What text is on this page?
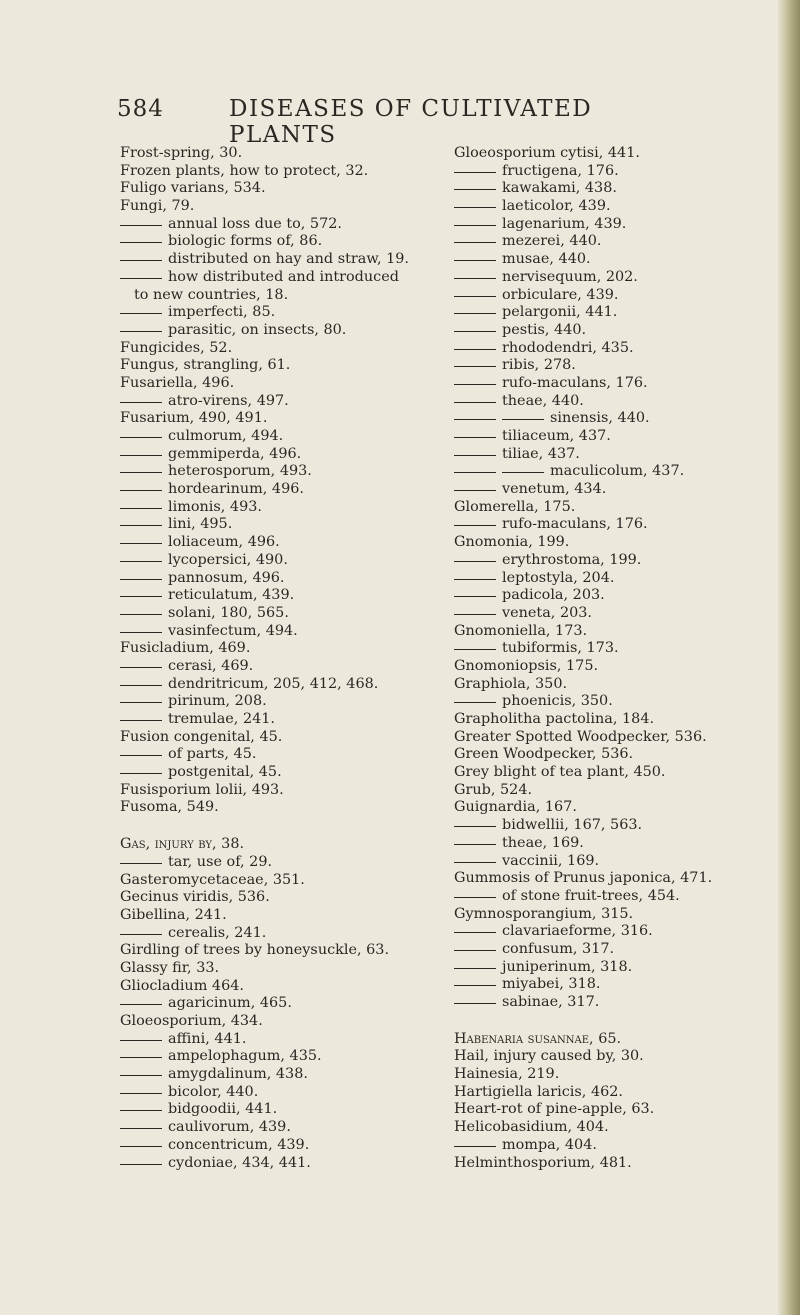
584	DISEASES OF CULTIVATED PLANTS
Frost-spring, 30.
Frozen plants, how to protect, 32.
Fuligo varians, 534.
Fungi, 79.
annual loss due to, 572.
biologic forms of, 86.
distributed on hay and straw, 19.
how distributed and introduced
to new countries, 18.
imperfecti, 85.
parasitic, on insects, 80.
Fungicides, 52.
Fungus, strangling, 61.
Fusariella, 496.
atro-virens, 497.
Fusarium, 490, 491.
culmorum, 494.
gemmiperda, 496.
heterosporum, 493.
hordearinum, 496.
limonis, 493.
lini, 495.
loliaceum, 496.
lycopersici, 490.
pannosum, 496.
reticulatum, 439.
solani, 180, 565.
vasinfectum, 494.
Fusicladium, 469.
cerasi, 469.
dendritricum, 205, 412, 468.
pirinum, 208.
tremulae, 241.
Fusion congenital, 45.
of parts, 45.
postgenital, 45.
Fusisporium lolii, 493.
Fusoma, 549.
Gas, injury by, 38.
tar, use of, 29.
Gasteromycetaceae, 351.
Gecinus viridis, 536.
Gibellina, 241.
cerealis, 241.
Girdling of trees by honeysuckle, 63.
Glassy fir, 33.
Gliocladium 464.
agaricinum, 465.
Gloeosporium, 434.
affini, 441.
ampelophagum, 435.
amygdalinum, 438.
bicolor, 440.
bidgoodii, 441.
caulivorum, 439.
concentricum, 439.
cydoniae, 434, 441.
Gloeosporium cytisi, 441.
fructigena, 176.
kawakami, 438.
laeticolor, 439.
lagenarium, 439.
mezerei, 440.
musae, 440.
nervisequum, 202.
orbiculare, 439.
pelargonii, 441.
pestis, 440.
rhododendri, 435.
ribis, 278.
rufo-maculans, 176.
theae, 440.
sinensis, 440.
tiliaceum, 437.
tiliae, 437.
maculicolum, 437.
venetum, 434.
Glomerella, 175.
rufo-maculans, 176.
Gnomonia, 199.
erythrostoma, 199.
leptostyla, 204.
padicola, 203.
veneta, 203.
Gnomoniella, 173.
tubiformis, 173.
Gnomoniopsis, 175.
Graphiola, 350.
phoenicis, 350.
Grapholitha pactolina, 184.
Greater Spotted Woodpecker, 536.
Green Woodpecker, 536.
Grey blight of tea plant, 450.
Grub, 524.
Guignardia, 167.
bidwellii, 167, 563.
theae, 169.
vaccinii, 169.
Gummosis of Prunus japonica, 471.
of stone fruit-trees, 454.
Gymnosporangium, 315.
clavariaeforme, 316.
confusum, 317.
juniperinum, 318.
miyabei, 318.
sabinae, 317.
Habenaria susannae, 65.
Hail, injury caused by, 30.
Hainesia, 219.
Hartigiella laricis, 462.
Heart-rot of pine-apple, 63.
Helicobasidium, 404.
mompa, 404.
Helminthosporium, 481.
